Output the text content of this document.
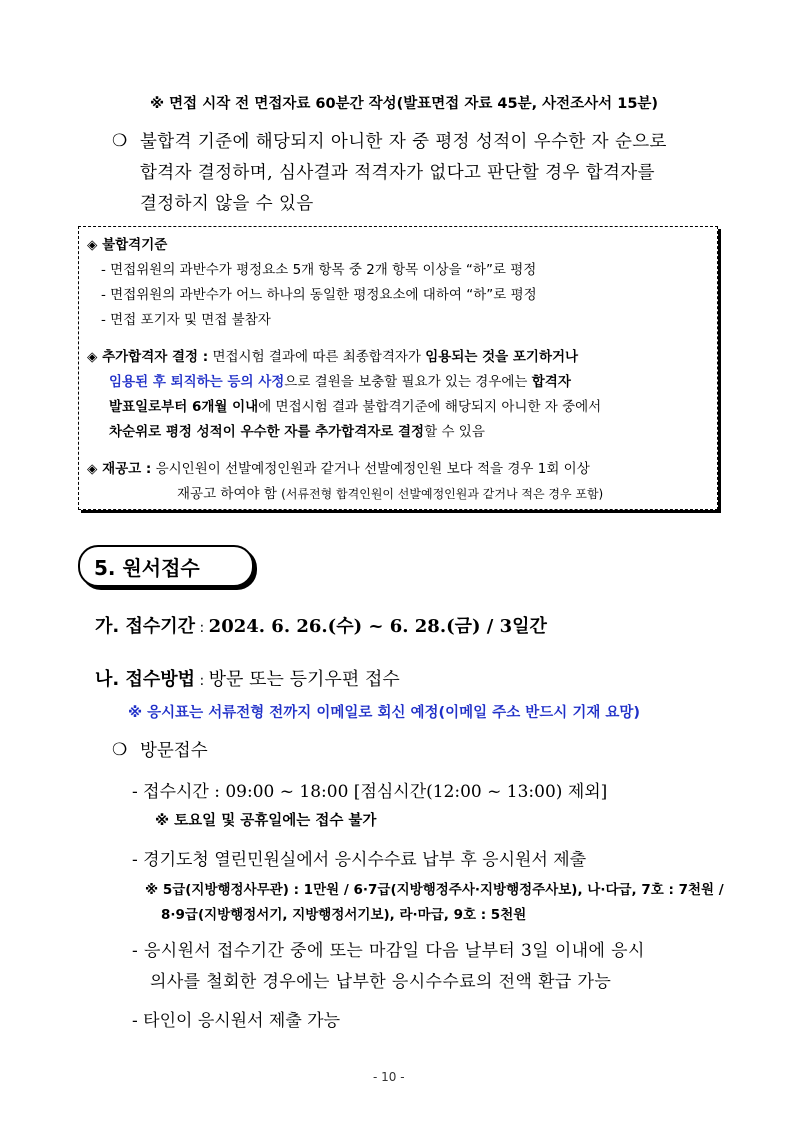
※ 면접 시작 전 면접자료 60분간 작성(발표면접 자료 45분, 사전조사서 15분)
❍ 불합격 기준에 해당되지 아니한 자 중 평정 성적이 우수한 자 순으로
합격자 결정하며, 심사결과 적격자가 없다고 판단할 경우 합격자를
결정하지 않을 수 있음
◈ 불합격기준
- 면접위원의 과반수가 평정요소 5개 항목 중 2개 항목 이상을 “하”로 평정
- 면접위원의 과반수가 어느 하나의 동일한 평정요소에 대하여 “하”로 평정
- 면접 포기자 및 면접 불참자
◈ 추가합격자 결정 : 면접시험 결과에 따른 최종합격자가 임용되는 것을 포기하거나
임용된 후 퇴직하는 등의 사정으로 결원을 보충할 필요가 있는 경우에는 합격자
발표일로부터 6개월 이내에 면접시험 결과 불합격기준에 해당되지 아니한 자 중에서
차순위로 평정 성적이 우수한 자를 추가합격자로 결정할 수 있음
◈ 재공고 : 응시인원이 선발예정인원과 같거나 선발예정인원 보다 적을 경우 1회 이상
재공고 하여야 함 (서류전형 합격인원이 선발예정인원과 같거나 적은 경우 포함)
5. 원서접수
가. 접수기간 : 2024. 6. 26.(수) ~ 6. 28.(금) / 3일간
나. 접수방법 : 방문 또는 등기우편 접수
※ 응시표는 서류전형 전까지 이메일로 회신 예정(이메일 주소 반드시 기재 요망)
❍ 방문접수
- 접수시간 : 09:00 ~ 18:00 [점심시간(12:00 ~ 13:00) 제외]
※ 토요일 및 공휴일에는 접수 불가
- 경기도청 열린민원실에서 응시수수료 납부 후 응시원서 제출
※ 5급(지방행정사무관) : 1만원 / 6·7급(지방행정주사·지방행정주사보), 나·다급, 7호 : 7천원 /
8·9급(지방행정서기, 지방행정서기보), 라·마급, 9호 : 5천원
- 응시원서 접수기간 중에 또는 마감일 다음 날부터 3일 이내에 응시
의사를 철회한 경우에는 납부한 응시수수료의 전액 환급 가능
- 타인이 응시원서 제출 가능
- 10 -
